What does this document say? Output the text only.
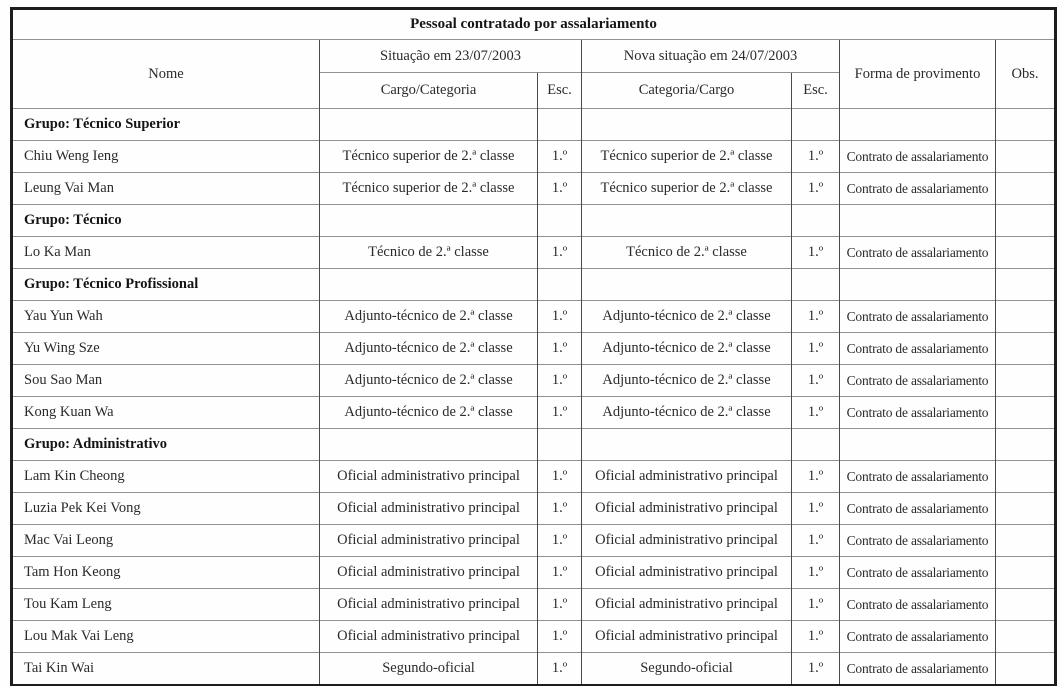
Pessoal contratado por assalariamento						
Nome	Situação em 23/07/2003		Nova situação em 24/07/2003		Forma de provimento	Obs.
	Cargo/Categoria	Esc.	Categoria/Cargo	Esc.		
Grupo: Técnico Superior						
Chiu Weng Ieng	Técnico superior de 2.ª classe	1.º	Técnico superior de 2.ª classe	1.º	Contrato de assalariamento	
Leung Vai Man	Técnico superior de 2.ª classe	1.º	Técnico superior de 2.ª classe	1.º	Contrato de assalariamento	
Grupo: Técnico						
Lo Ka Man	Técnico de 2.ª classe	1.º	Técnico de 2.ª classe	1.º	Contrato de assalariamento	
Grupo: Técnico Profissional						
Yau Yun Wah	Adjunto-técnico de 2.ª classe	1.º	Adjunto-técnico de 2.ª classe	1.º	Contrato de assalariamento	
Yu Wing Sze	Adjunto-técnico de 2.ª classe	1.º	Adjunto-técnico de 2.ª classe	1.º	Contrato de assalariamento	
Sou Sao Man	Adjunto-técnico de 2.ª classe	1.º	Adjunto-técnico de 2.ª classe	1.º	Contrato de assalariamento	
Kong Kuan Wa	Adjunto-técnico de 2.ª classe	1.º	Adjunto-técnico de 2.ª classe	1.º	Contrato de assalariamento	
Grupo: Administrativo						
Lam Kin Cheong	Oficial administrativo principal	1.º	Oficial administrativo principal	1.º	Contrato de assalariamento	
Luzia Pek Kei Vong	Oficial administrativo principal	1.º	Oficial administrativo principal	1.º	Contrato de assalariamento	
Mac Vai Leong	Oficial administrativo principal	1.º	Oficial administrativo principal	1.º	Contrato de assalariamento	
Tam Hon Keong	Oficial administrativo principal	1.º	Oficial administrativo principal	1.º	Contrato de assalariamento	
Tou Kam Leng	Oficial administrativo principal	1.º	Oficial administrativo principal	1.º	Contrato de assalariamento	
Lou Mak Vai Leng	Oficial administrativo principal	1.º	Oficial administrativo principal	1.º	Contrato de assalariamento	
Tai Kin Wai	Segundo-oficial	1.º	Segundo-oficial	1.º	Contrato de assalariamento	
